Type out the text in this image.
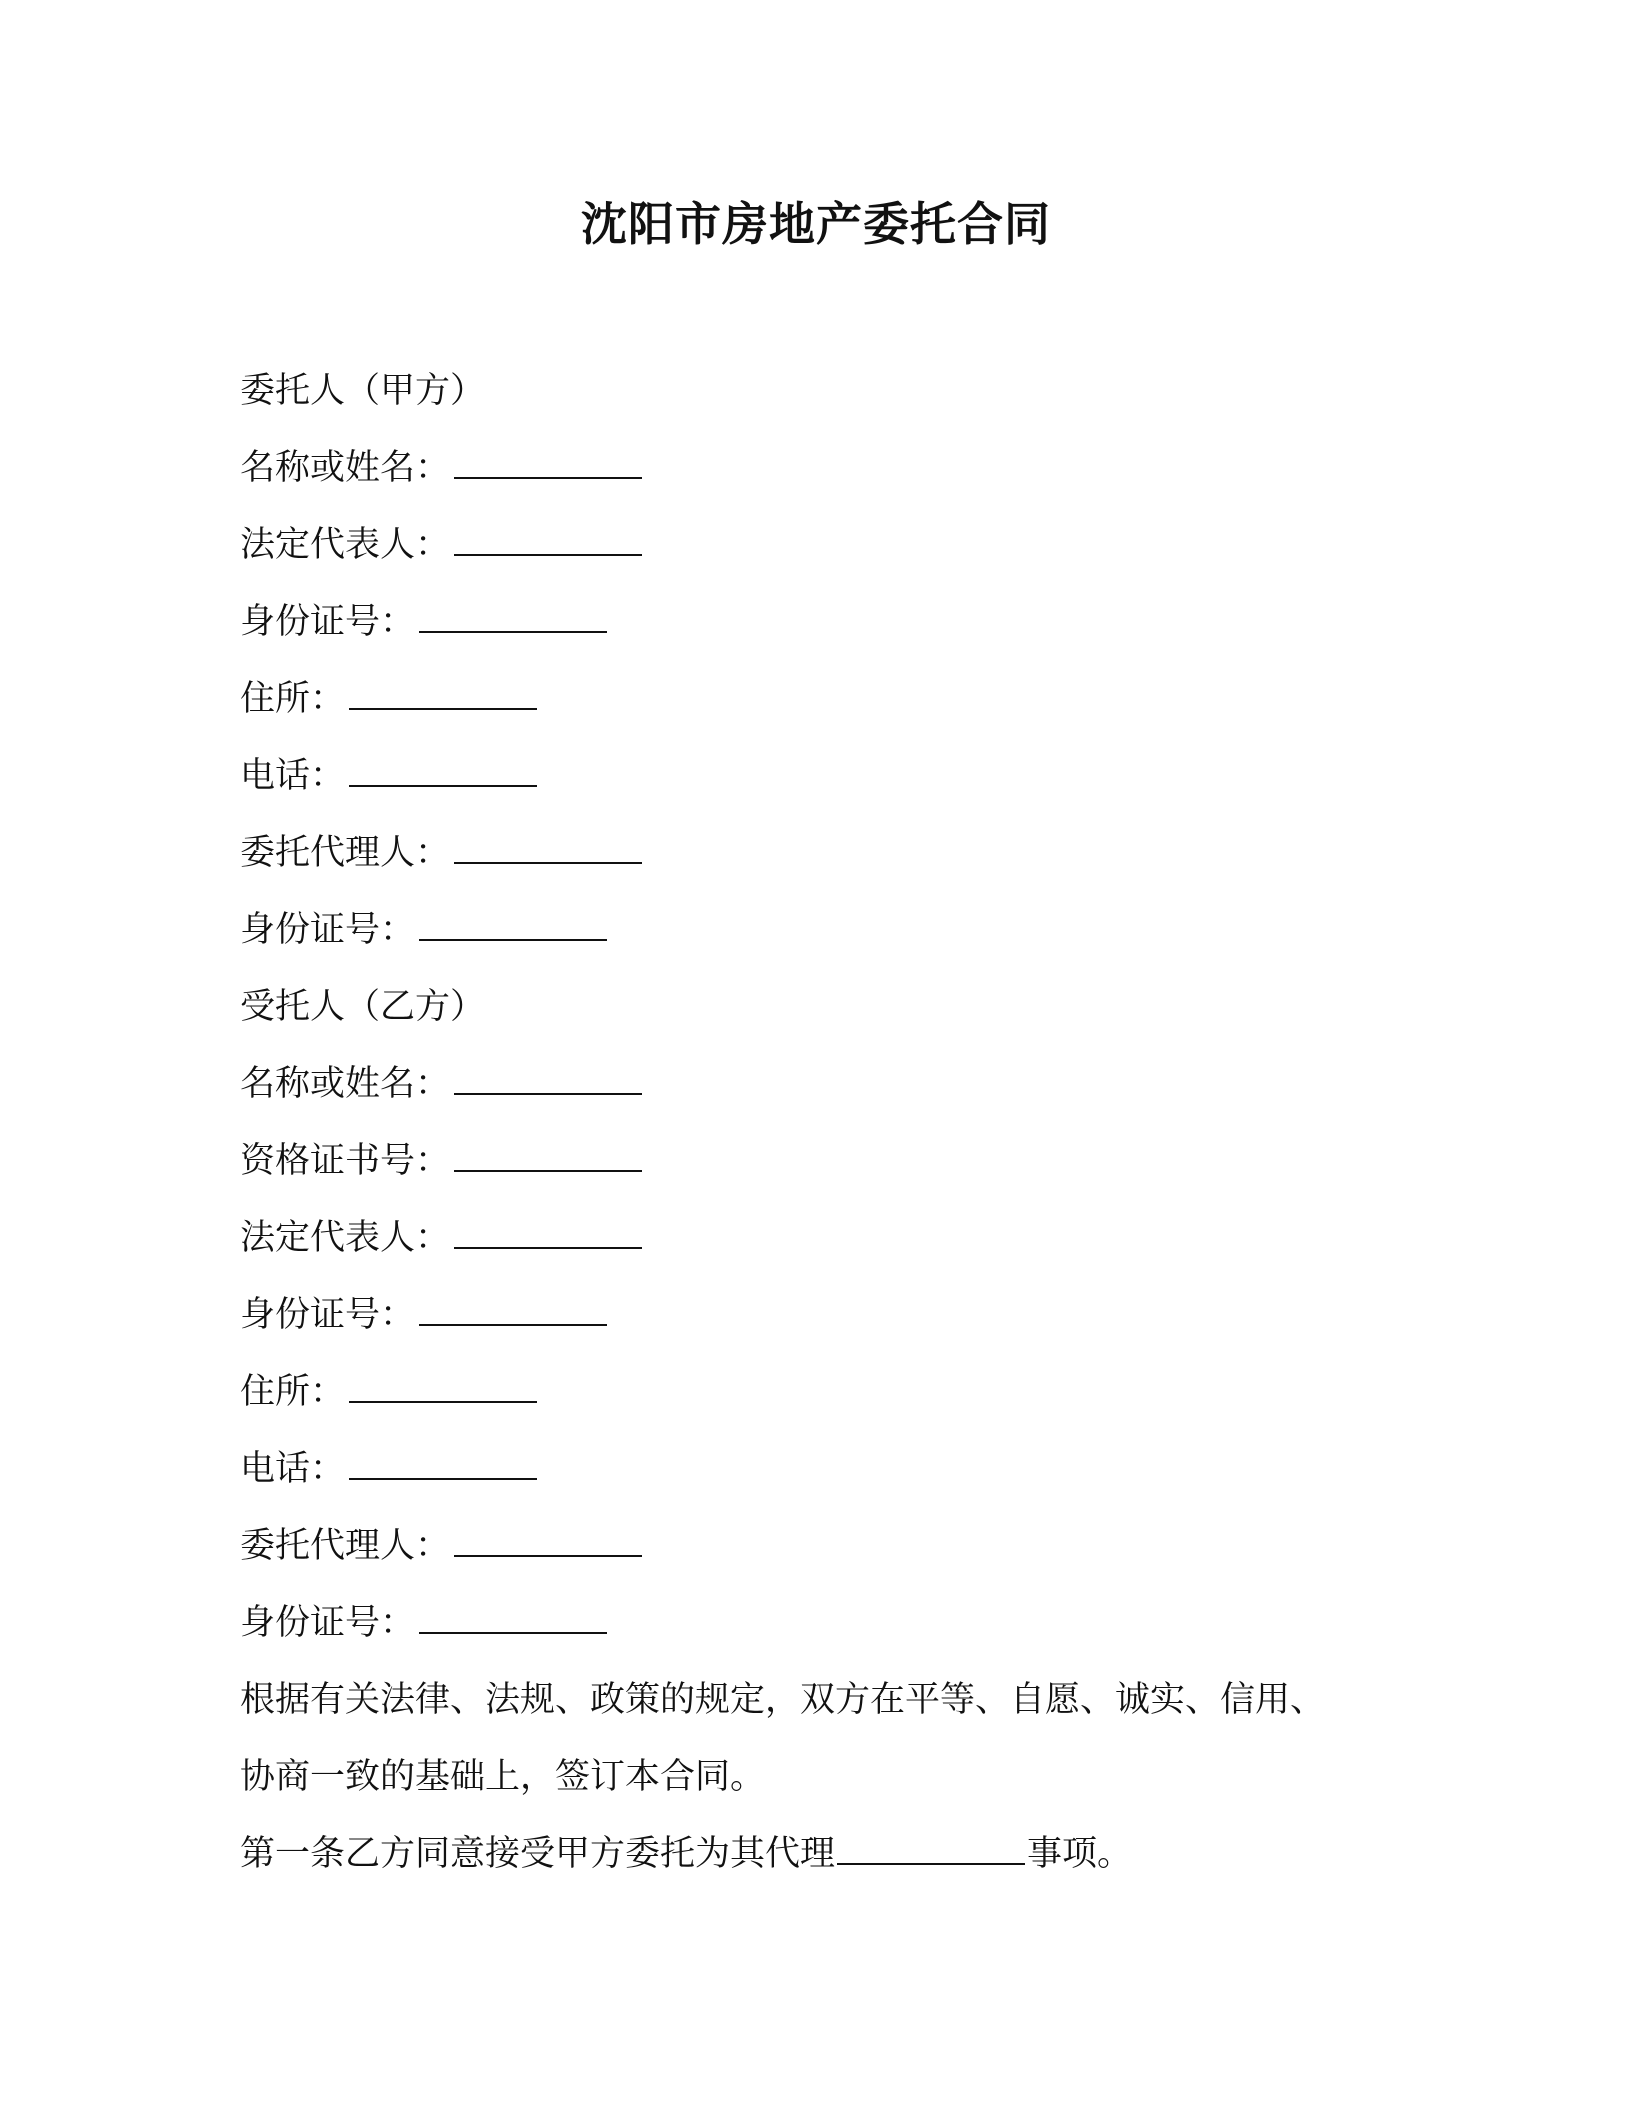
沈阳市房地产委托合同
委托人（甲方）
名称或姓名：
法定代表人：
身份证号：
住所：
电话：
委托代理人：
身份证号：
受托人（乙方）
名称或姓名：
资格证书号：
法定代表人：
身份证号：
住所：
电话：
委托代理人：
身份证号：
根据有关法律、法规、政策的规定，双方在平等、自愿、诚实、信用、
协商一致的基础上，签订本合同。
第一条乙方同意接受甲方委托为其代理	事项。
